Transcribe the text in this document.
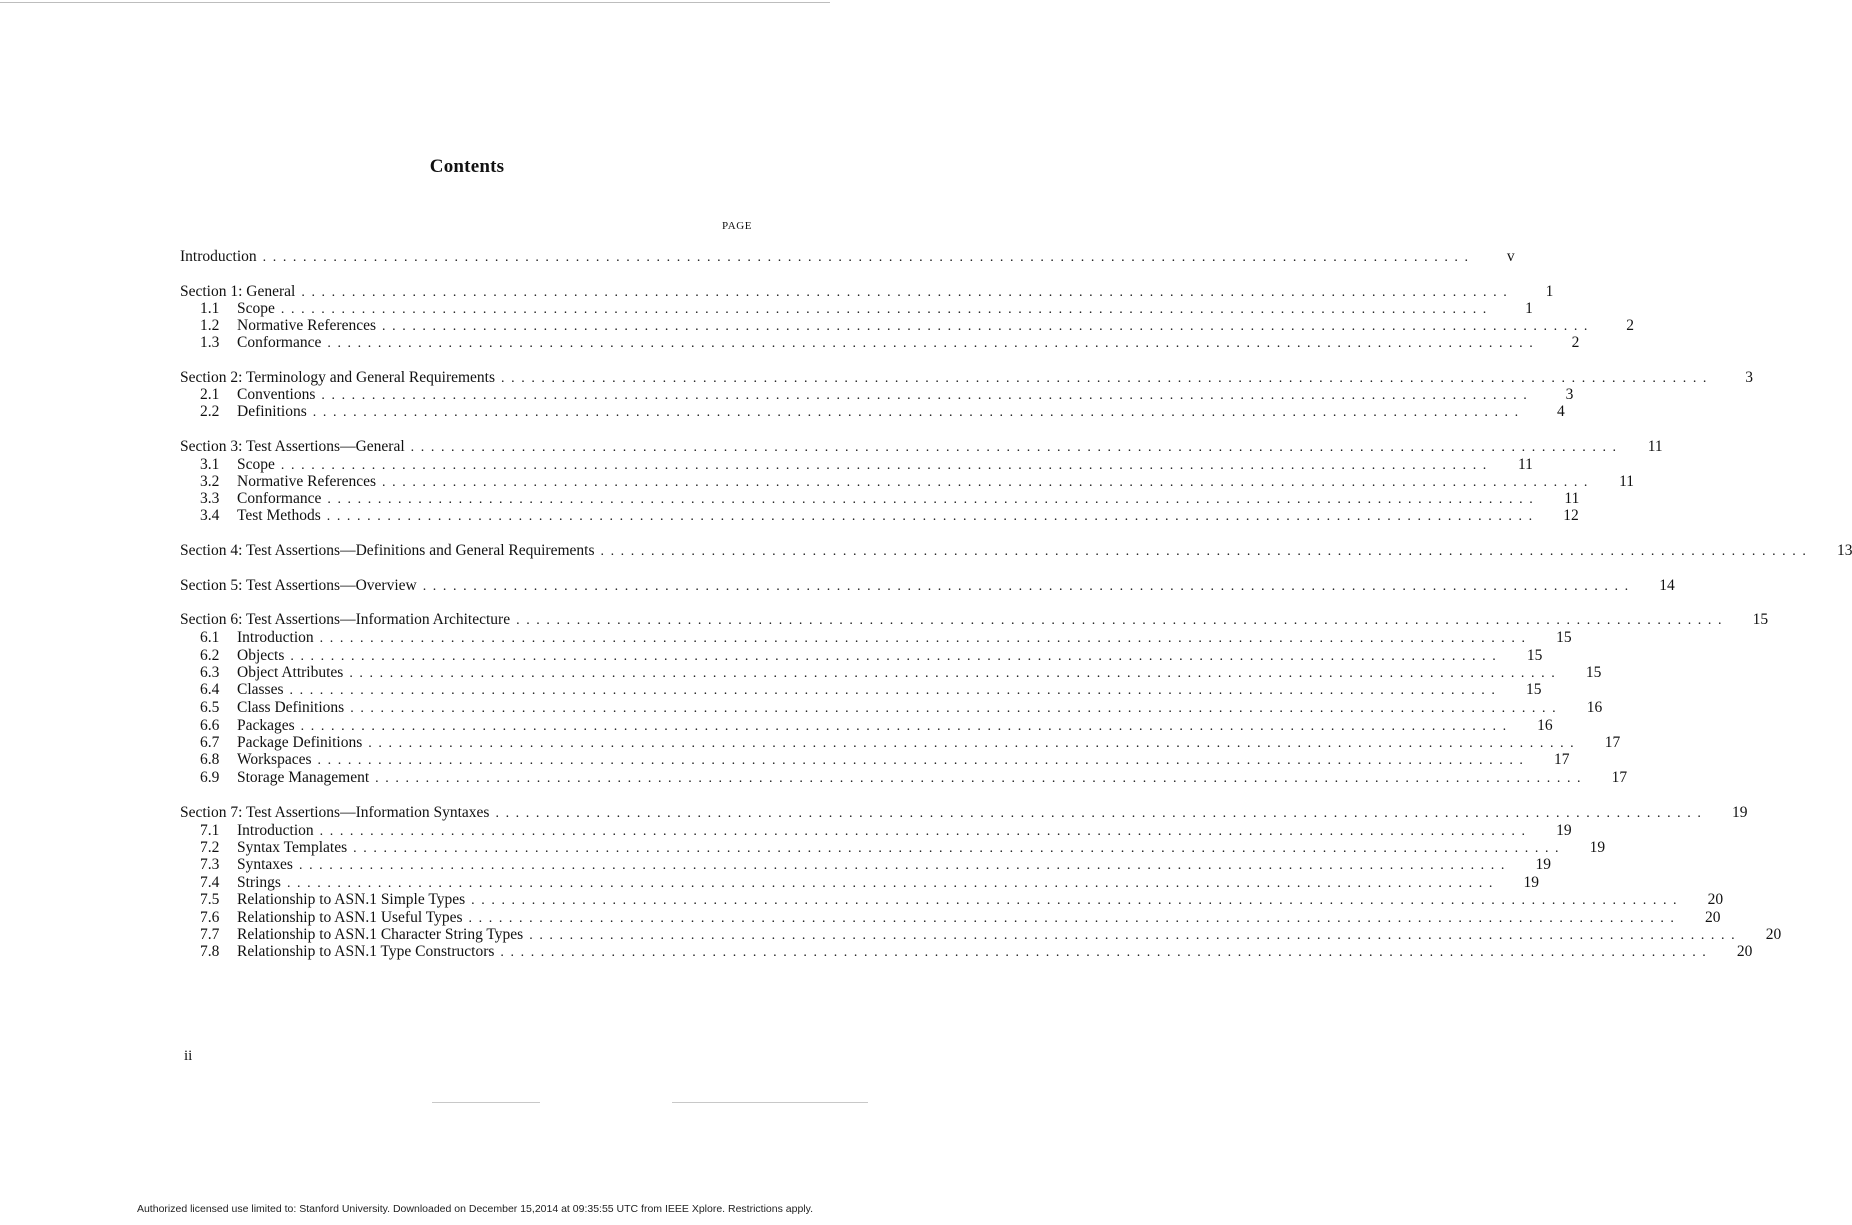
Contents
PAGE
Introduction ........................................................................................................................	v
Section 1: General ........................................................................................................................	1
1.1	Scope ........................................................................................................................	1
1.2	Normative References ........................................................................................................................	2
1.3	Conformance ........................................................................................................................	2
Section 2: Terminology and General Requirements ........................................................................................................................	3
2.1	Conventions ........................................................................................................................	3
2.2	Definitions ........................................................................................................................	4
Section 3: Test Assertions—General ........................................................................................................................	11
3.1	Scope ........................................................................................................................	11
3.2	Normative References ........................................................................................................................	11
3.3	Conformance ........................................................................................................................	11
3.4	Test Methods ........................................................................................................................	12
Section 4: Test Assertions—Definitions and General Requirements ........................................................................................................................	13
Section 5: Test Assertions—Overview ........................................................................................................................	14
Section 6: Test Assertions—Information Architecture ........................................................................................................................	15
6.1	Introduction ........................................................................................................................	15
6.2	Objects ........................................................................................................................	15
6.3	Object Attributes ........................................................................................................................	15
6.4	Classes ........................................................................................................................	15
6.5	Class Definitions ........................................................................................................................	16
6.6	Packages ........................................................................................................................	16
6.7	Package Definitions ........................................................................................................................	17
6.8	Workspaces ........................................................................................................................	17
6.9	Storage Management ........................................................................................................................	17
Section 7: Test Assertions—Information Syntaxes ........................................................................................................................	19
7.1	Introduction ........................................................................................................................	19
7.2	Syntax Templates ........................................................................................................................	19
7.3	Syntaxes ........................................................................................................................	19
7.4	Strings ........................................................................................................................	19
7.5	Relationship to ASN.1 Simple Types ........................................................................................................................	20
7.6	Relationship to ASN.1 Useful Types ........................................................................................................................	20
7.7	Relationship to ASN.1 Character String Types ........................................................................................................................	20
7.8	Relationship to ASN.1 Type Constructors ........................................................................................................................	20
ii
Authorized licensed use limited to: Stanford University. Downloaded on December 15,2014 at 09:35:55 UTC from IEEE Xplore. Restrictions apply.
